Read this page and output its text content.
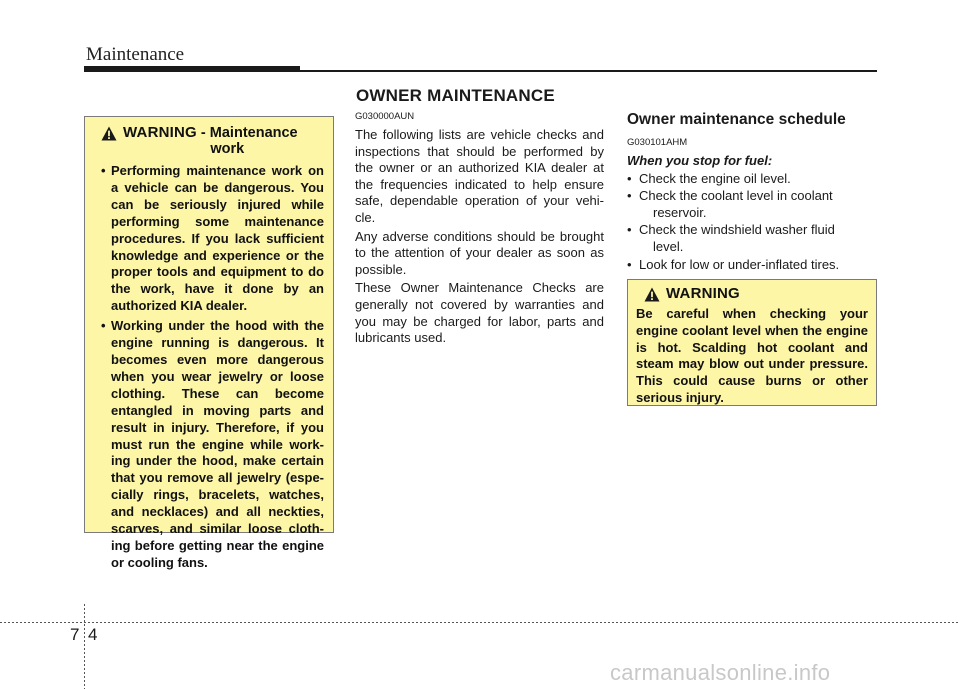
Maintenance
OWNER MAINTENANCE
WARNING - Maintenance
work
• Performing maintenance work on a vehicle can be dangerous. You can be seriously injured while performing some maintenance procedures. If you lack sufficient knowledge and experience or the proper tools and equipment to do the work, have it done by an authorized KIA dealer.
• Working under the hood with the engine running is dangerous. It becomes even more dangerous when you wear jewelry or loose clothing. These can become entangled in moving parts and result in injury. Therefore, if you must run the engine while work-ing under the hood, make certain that you remove all jewelry (espe-cially rings, bracelets, watches, and necklaces) and all neckties, scarves, and similar loose cloth-ing before getting near the engine or cooling fans.
G030000AUN

The following lists are vehicle checks and inspections that should be performed by the owner or an authorized KIA dealer at the frequencies indicated to help ensure safe, dependable operation of your vehi-cle.

Any adverse conditions should be brought to the attention of your dealer as soon as possible.

These Owner Maintenance Checks are generally not covered by warranties and you may be charged for labor, parts and lubricants used.

Owner maintenance schedule
G030101AHM
When you stop for fuel:
• Check the engine oil level.
• Check the coolant level in coolant
reservoir.
• Check the windshield washer fluid
level.
• Look for low or under-inflated tires.
WARNING
Be careful when checking your engine coolant level when the engine is hot. Scalding hot coolant and steam may blow out under pressure. This could cause burns or other serious injury.
7 4
carmanualsonline.info
